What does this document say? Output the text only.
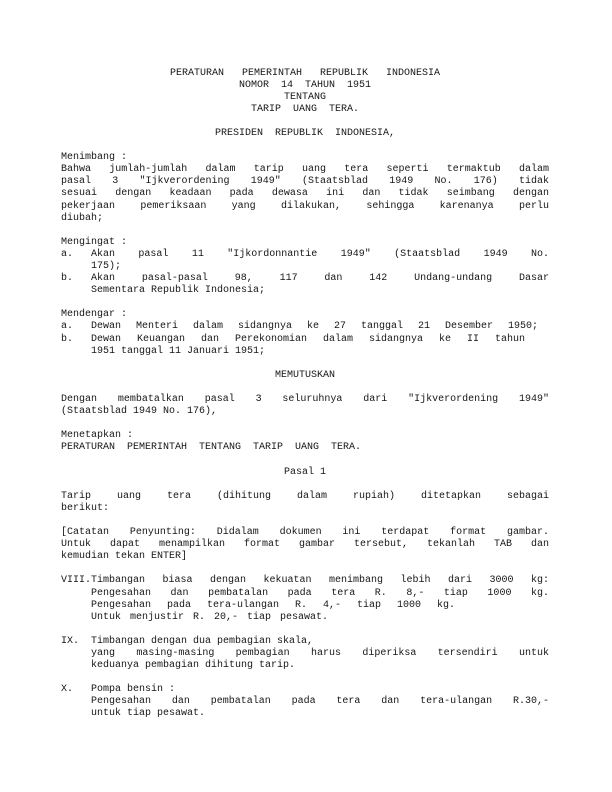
PERATURAN   PEMERINTAH   REPUBLIK   INDONESIA
NOMOR  14  TAHUN  1951
TENTANG
TARIP  UANG  TERA.
PRESIDEN  REPUBLIK  INDONESIA,
Menimbang :
Bahwa jumlah-jumlah dalam tarip uang tera seperti termaktub dalam
pasal 3 "Ijkverordening 1949" (Staatsblad 1949 No. 176) tidak
sesuai dengan keadaan pada dewasa ini dan tidak seimbang dengan
pekerjaan pemeriksaan yang dilakukan, sehingga karenanya perlu
diubah;
Mengingat :
a. Akan pasal 11 "Ijkordonnantie 1949" (Staatsblad 1949 No.
175);
b. Akan pasal-pasal 98, 117 dan 142 Undang-undang Dasar
Sementara Republik Indonesia;
Mendengar :
a. Dewan Menteri dalam sidangnya ke 27 tanggal 21 Desember 1950;
b. Dewan Keuangan dan Perekonomian dalam sidangnya ke II tahun
1951 tanggal 11 Januari 1951;
MEMUTUSKAN
Dengan membatalkan pasal 3 seluruhnya dari "Ijkverordening 1949"
(Staatsblad 1949 No. 176),
Menetapkan :
PERATURAN PEMERINTAH TENTANG TARIP UANG TERA.
Pasal 1
Tarip uang tera (dihitung dalam rupiah) ditetapkan sebagai
berikut:
[Catatan Penyunting: Didalam dokumen ini terdapat format gambar.
Untuk dapat menampilkan format gambar tersebut, tekanlah TAB dan
kemudian tekan ENTER]
VIII. Timbangan biasa dengan kekuatan menimbang lebih dari 3000 kg:
Pengesahan dan pembatalan pada tera R. 8,- tiap 1000 kg.
Pengesahan pada tera-ulangan R. 4,- tiap 1000 kg.
Untuk menjustir R. 20,- tiap pesawat.
IX. Timbangan dengan dua pembagian skala,
yang masing-masing pembagian harus diperiksa tersendiri untuk
keduanya pembagian dihitung tarip.
X. Pompa bensin :
Pengesahan dan pembatalan pada tera dan tera-ulangan R.30,-
untuk tiap pesawat.
